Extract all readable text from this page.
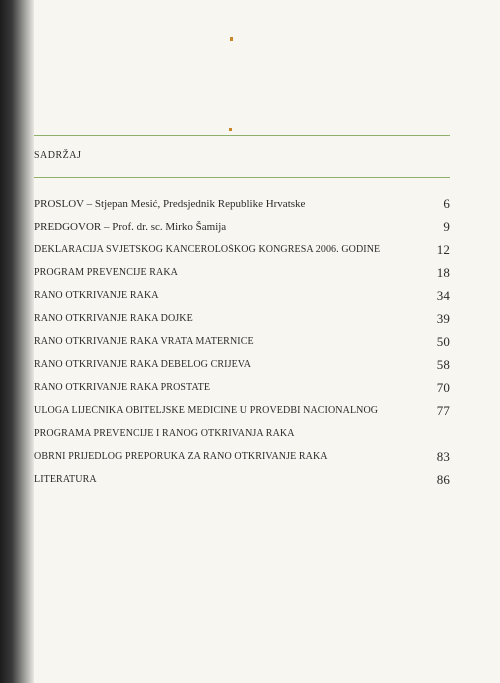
SADRŽAJ
PROSLOV – Stjepan Mesić, Predsjednik Republike Hrvatske	6
PREDGOVOR – Prof. dr. sc. Mirko Šamija	9
DEKLARACIJA SVJETSKOG KANCEROLOŠKOG KONGRESA 2006. GODINE	12
PROGRAM PREVENCIJE RAKA	18
RANO OTKRIVANJE RAKA	34
RANO OTKRIVANJE RAKA DOJKE	39
RANO OTKRIVANJE RAKA VRATA MATERNICE	50
RANO OTKRIVANJE RAKA DEBELOG CRIJEVA	58
RANO OTKRIVANJE RAKA PROSTATE	70
ULOGA LIJEČNIKA OBITELJSKE MEDICINE U PROVEDBI NACIONALNOG	77
PROGRAMA PREVENCIJE I RANOG OTKRIVANJA RAKA
OBRNI PRIJEDLOG PREPORUKA ZA RANO OTKRIVANJE RAKA	83
LITERATURA	86
